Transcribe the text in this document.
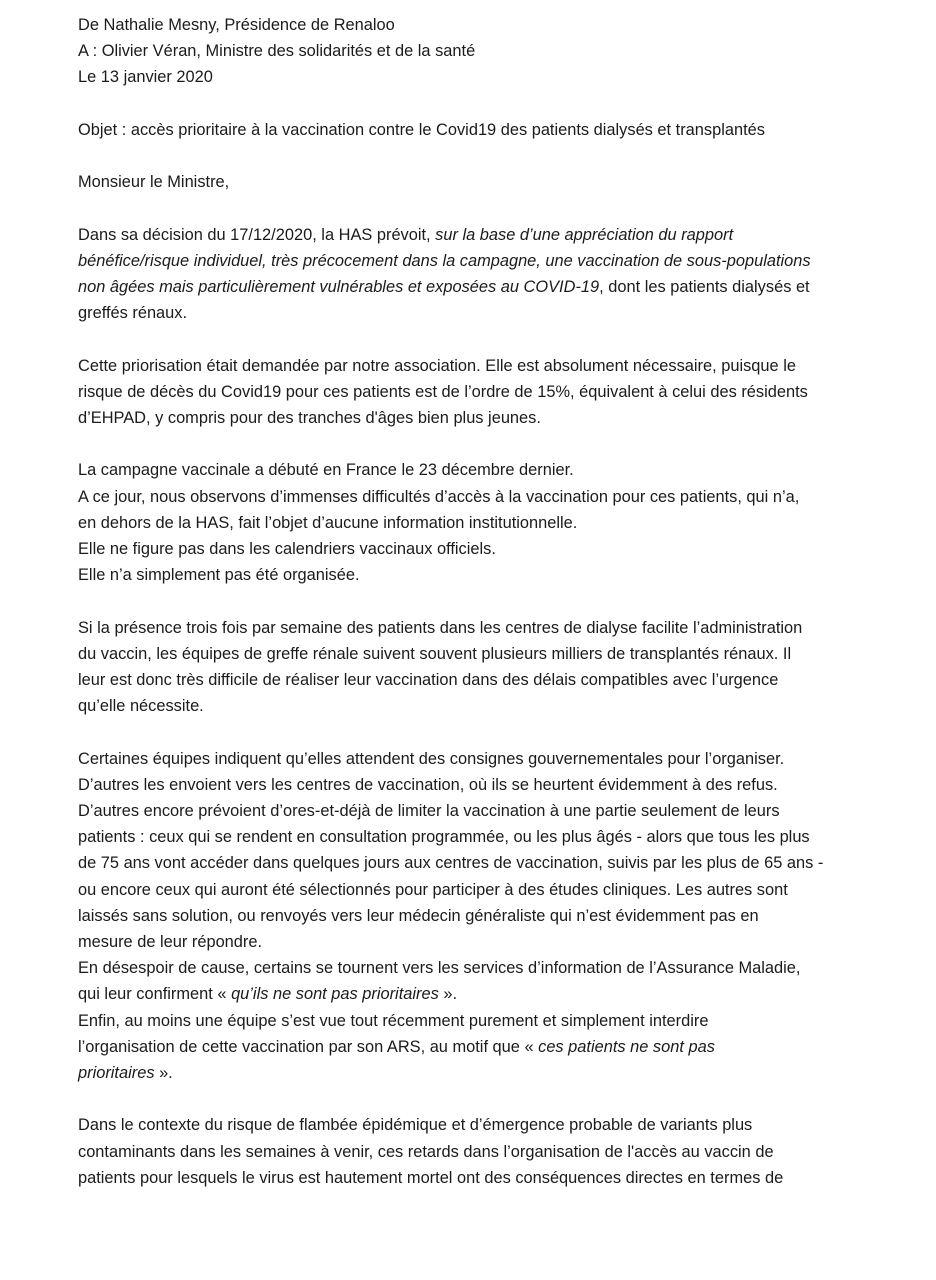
De Nathalie Mesny, Présidence de Renaloo
A : Olivier Véran, Ministre des solidarités et de la santé
Le 13 janvier 2020
Objet : accès prioritaire à la vaccination contre le Covid19 des patients dialysés et transplantés
Monsieur le Ministre,
Dans sa décision du 17/12/2020, la HAS prévoit, sur la base d’une appréciation du rapport
bénéfice/risque individuel, très précocement dans la campagne, une vaccination de sous-populations
non âgées mais particulièrement vulnérables et exposées au COVID-19, dont les patients dialysés et
greffés rénaux.
Cette priorisation était demandée par notre association. Elle est absolument nécessaire, puisque le
risque de décès du Covid19 pour ces patients est de l’ordre de 15%, équivalent à celui des résidents
d’EHPAD, y compris pour des tranches d'âges bien plus jeunes.
La campagne vaccinale a débuté en France le 23 décembre dernier.
A ce jour, nous observons d’immenses difficultés d’accès à la vaccination pour ces patients, qui n’a,
en dehors de la HAS, fait l’objet d’aucune information institutionnelle.
Elle ne figure pas dans les calendriers vaccinaux officiels.
Elle n’a simplement pas été organisée.
Si la présence trois fois par semaine des patients dans les centres de dialyse facilite l’administration
du vaccin, les équipes de greffe rénale suivent souvent plusieurs milliers de transplantés rénaux. Il
leur est donc très difficile de réaliser leur vaccination dans des délais compatibles avec l’urgence
qu’elle nécessite.
Certaines équipes indiquent qu’elles attendent des consignes gouvernementales pour l’organiser.
D’autres les envoient vers les centres de vaccination, où ils se heurtent évidemment à des refus.
D’autres encore prévoient d’ores-et-déjà de limiter la vaccination à une partie seulement de leurs
patients : ceux qui se rendent en consultation programmée, ou les plus âgés - alors que tous les plus
de 75 ans vont accéder dans quelques jours aux centres de vaccination, suivis par les plus de 65 ans -
ou encore ceux qui auront été sélectionnés pour participer à des études cliniques. Les autres sont
laissés sans solution, ou renvoyés vers leur médecin généraliste qui n’est évidemment pas en
mesure de leur répondre.
En désespoir de cause, certains se tournent vers les services d’information de l’Assurance Maladie,
qui leur confirment « qu’ils ne sont pas prioritaires ».
Enfin, au moins une équipe s’est vue tout récemment purement et simplement interdire
l’organisation de cette vaccination par son ARS, au motif que « ces patients ne sont pas
prioritaires ».
Dans le contexte du risque de flambée épidémique et d’émergence probable de variants plus
contaminants dans les semaines à venir, ces retards dans l’organisation de l'accès au vaccin de
patients pour lesquels le virus est hautement mortel ont des conséquences directes en termes de
